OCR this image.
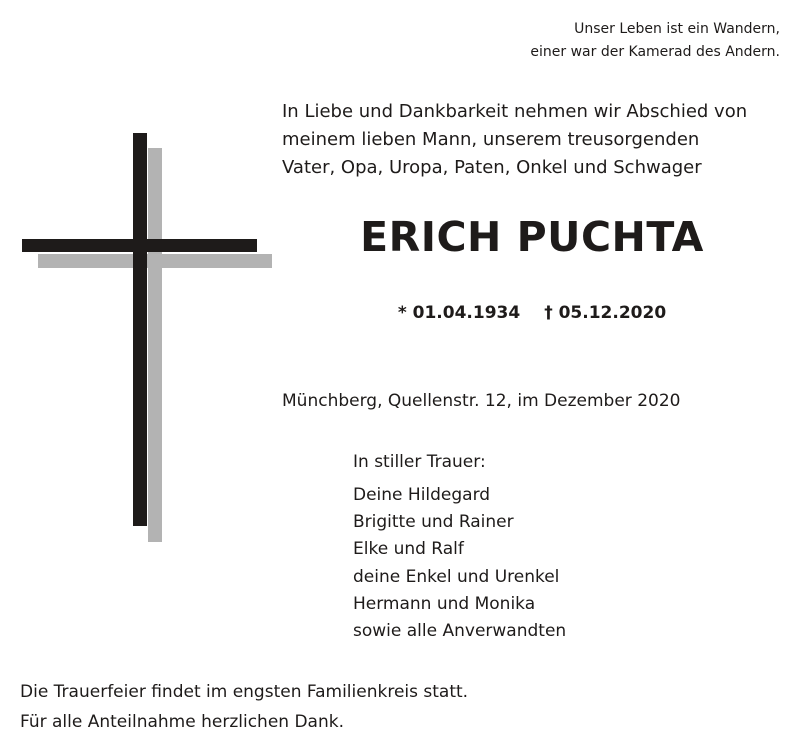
Unser Leben ist ein Wandern,
einer war der Kamerad des Andern.
In Liebe und Dankbarkeit nehmen wir Abschied von
meinem lieben Mann, unserem treusorgenden
Vater, Opa, Uropa, Paten, Onkel und Schwager
ERICH PUCHTA
* 01.04.1934 † 05.12.2020
Münchberg, Quellenstr. 12, im Dezember 2020
In stiller Trauer:
Deine Hildegard
Brigitte und Rainer
Elke und Ralf
deine Enkel und Urenkel
Hermann und Monika
sowie alle Anverwandten
Die Trauerfeier findet im engsten Familienkreis statt.
Für alle Anteilnahme herzlichen Dank.
